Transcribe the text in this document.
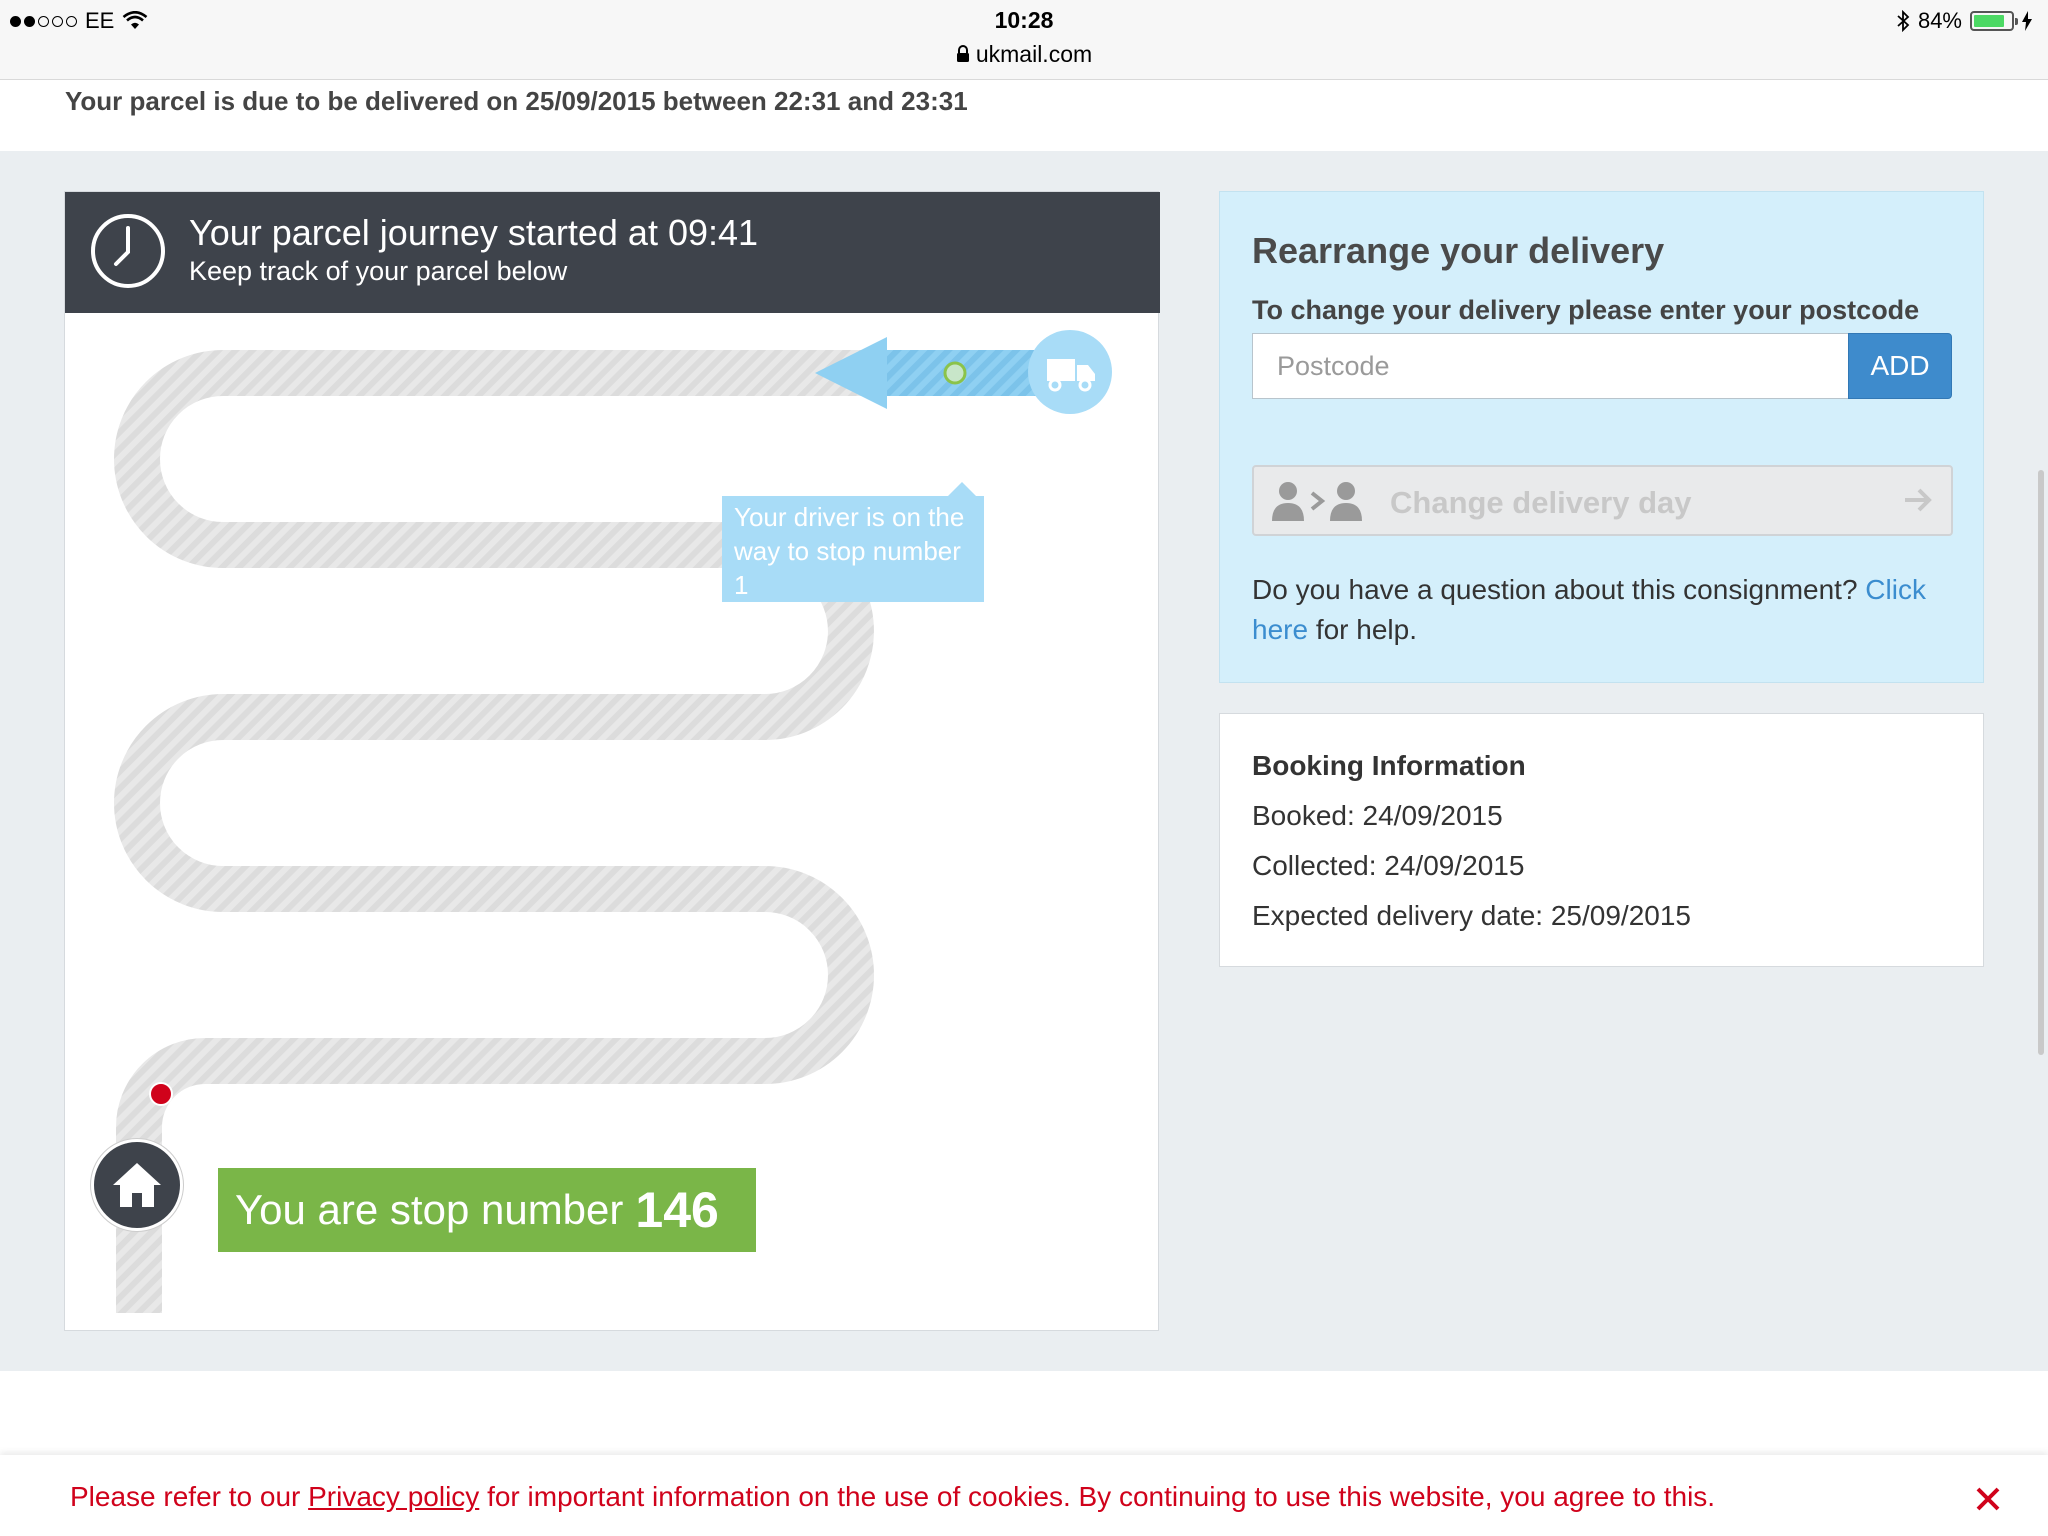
EE	10:28
ukmail.com
84%
Your parcel is due to be delivered on 25/09/2015 between 22:31 and 23:31
Your parcel journey started at 09:41
Keep track of your parcel below
Your driver is on the way to stop number 1
You are stop number 146
Rearrange your delivery
To change your delivery please enter your postcode
Postcode
ADD
Change delivery day
Do you have a question about this consignment? Click here for help.
Booking Information
Booked: 24/09/2015
Collected: 24/09/2015
Expected delivery date: 25/09/2015
Please refer to our Privacy policy for important information on the use of cookies. By continuing to use this website, you agree to this.
